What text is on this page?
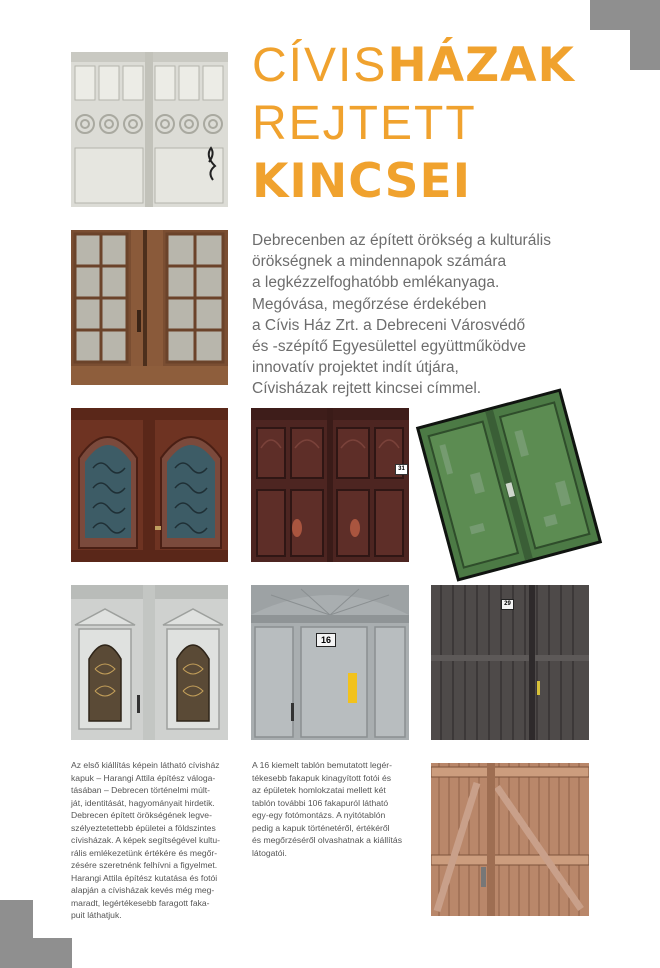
CÍVISHÁZAK
REJTETT
KINCSEI

Debrecenben az épített örökség a kulturális
örökségnek a mindennapok számára
a legkézzelfoghatóbb emlékanyaga.
Megóvása, megőrzése érdekében
a Cívis Ház Zrt. a Debreceni Városvédő
és -szépítő Egyesülettel együttműködve
innovatív projektet indít útjára,
Cívisházak rejtett kincsei címmel.

31
16
29

Az első kiállítás képein látható cívisház
kapuk – Harangi Attila építész váloga-
tásában – Debrecen történelmi múlt-
ját, identitását, hagyományait hirdetik.
Debrecen épített örökségének legve-
szélyeztetettebb épületei a földszintes
cívisházak. A képek segítségével kultu-
rális emlékezetünk értékére és megőr-
zésére szeretnénk felhívni a figyelmet.
Harangi Attila építész kutatása és fotói
alapján a cívisházak kevés még meg-
maradt, legértékesebb faragott faka-
puit láthatjuk.

A 16 kiemelt tablón bemutatott legér-
tékesebb fakapuk kinagyított fotói és
az épületek homlokzatai mellett két
tablón további 106 fakapuról látható
egy-egy fotómontázs. A nyitótablón
pedig a kapuk történetéről, értékéről
és megőrzéséről olvashatnak a kiállítás
látogatói.
